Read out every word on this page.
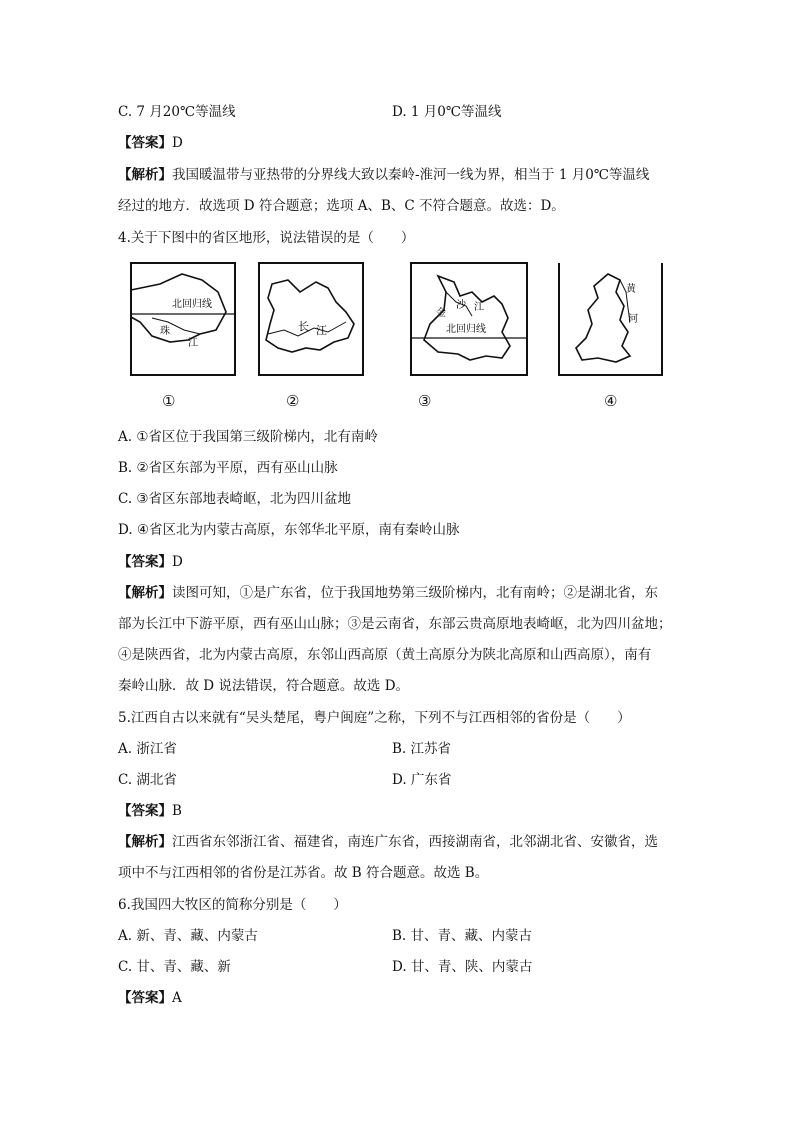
C. 7 月20℃等温线	D. 1 月0℃等温线
【答案】D
【解析】我国暖温带与亚热带的分界线大致以秦岭-淮河一线为界，相当于 1 月0℃等温线
经过的地方．故选项 D 符合题意；选项 A、B、C 不符合题意。故选：D。
4.关于下图中的省区地形，说法错误的是（　　）
北回归线
珠
江
长 江
金
沙 江
北回归线
黄
河
①	②	③	④
A. ①省区位于我国第三级阶梯内，北有南岭
B. ②省区东部为平原，西有巫山山脉
C. ③省区东部地表崎岖，北为四川盆地
D. ④省区北为内蒙古高原，东邻华北平原，南有秦岭山脉
【答案】D
【解析】读图可知，①是广东省，位于我国地势第三级阶梯内，北有南岭；②是湖北省，东
部为长江中下游平原，西有巫山山脉；③是云南省，东部云贵高原地表崎岖，北为四川盆地；
④是陕西省，北为内蒙古高原，东邻山西高原（黄土高原分为陕北高原和山西高原），南有
秦岭山脉．故 D 说法错误，符合题意。故选 D。
5.江西自古以来就有“吴头楚尾，粤户闽庭”之称，下列不与江西相邻的省份是（　　）
A. 浙江省	B. 江苏省
C. 湖北省	D. 广东省
【答案】B
【解析】江西省东邻浙江省、福建省，南连广东省，西接湖南省，北邻湖北省、安徽省，选
项中不与江西相邻的省份是江苏省。故 B 符合题意。故选 B。
6.我国四大牧区的简称分别是（　　）
A. 新、青、藏、内蒙古	B. 甘、青、藏、内蒙古
C. 甘、青、藏、新	D. 甘、青、陕、内蒙古
【答案】A
